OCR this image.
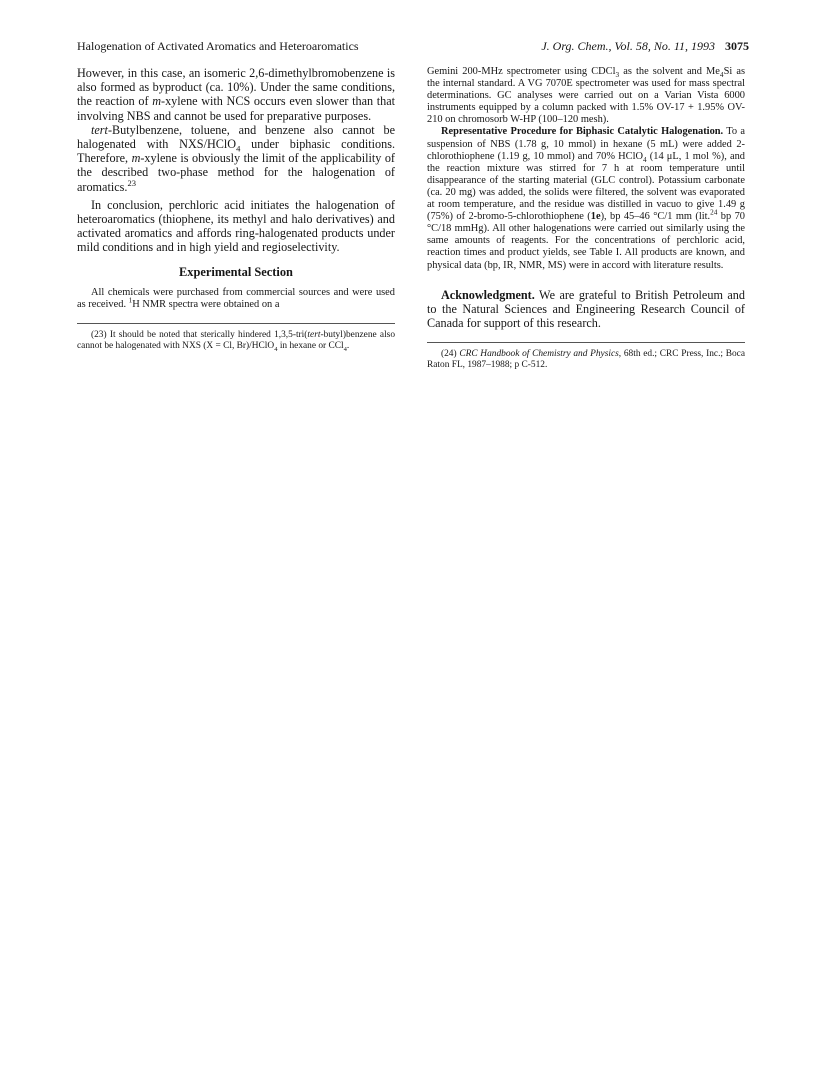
Halogenation of Activated Aromatics and Heteroaromatics	J. Org. Chem., Vol. 58, No. 11, 1993 3075

However, in this case, an isomeric 2,6-dimethylbromobenzene is also formed as byproduct (ca. 10%). Under the same conditions, the reaction of m-xylene with NCS occurs even slower than that involving NBS and cannot be used for preparative purposes.

tert-Butylbenzene, toluene, and benzene also cannot be halogenated with NXS/HClO$_4$ under biphasic conditions. Therefore, m-xylene is obviously the limit of the applicability of the described two-phase method for the halogenation of aromatics.$^{23}$

In conclusion, perchloric acid initiates the halogenation of heteroaromatics (thiophene, its methyl and halo derivatives) and activated aromatics and affords ring-halogenated products under mild conditions and in high yield and regioselectivity.

Experimental Section

All chemicals were purchased from commercial sources and were used as received. $^1$H NMR spectra were obtained on a

(23) It should be noted that sterically hindered 1,3,5-tri(tert-butyl)benzene also cannot be halogenated with NXS (X = Cl, Br)/HClO$_4$ in hexane or CCl$_4$.

Gemini 200-MHz spectrometer using CDCl$_3$ as the solvent and $Me_4Si$ as the internal standard. A VG 7070E spectrometer was used for mass spectral determinations. GC analyses were carried out on a Varian Vista 6000 instruments equipped by a column packed with 1.5% OV-17 + 1.95% OV-210 on chromosorb W-HP (100–120 mesh).

Representative Procedure for Biphasic Catalytic Halogenation. To a suspension of NBS (1.78 g, 10 mmol) in hexane (5 mL) were added 2-chlorothiophene (1.19 g, 10 mmol) and 70% HClO$_4$ (14 μL, 1 mol %), and the reaction mixture was stirred for 7 h at room temperature until disappearance of the starting material (GLC control). Potassium carbonate (ca. 20 mg) was added, the solids were filtered, the solvent was evaporated at room temperature, and the residue was distilled in vacuo to give 1.49 g (75%) of 2-bromo-5-chlorothiophene (1e), bp 45–46 °C/1 mm (lit.$^{24}$ bp 70 °C/18 mmHg). All other halogenations were carried out similarly using the same amounts of reagents. For the concentrations of perchloric acid, reaction times and product yields, see Table I. All products are known, and physical data (bp, IR, NMR, MS) were in accord with literature results.

Acknowledgment. We are grateful to British Petroleum and to the Natural Sciences and Engineering Research Council of Canada for support of this research.

(24) CRC Handbook of Chemistry and Physics, 68th ed.; CRC Press, Inc.; Boca Raton FL, 1987–1988; p C-512.
